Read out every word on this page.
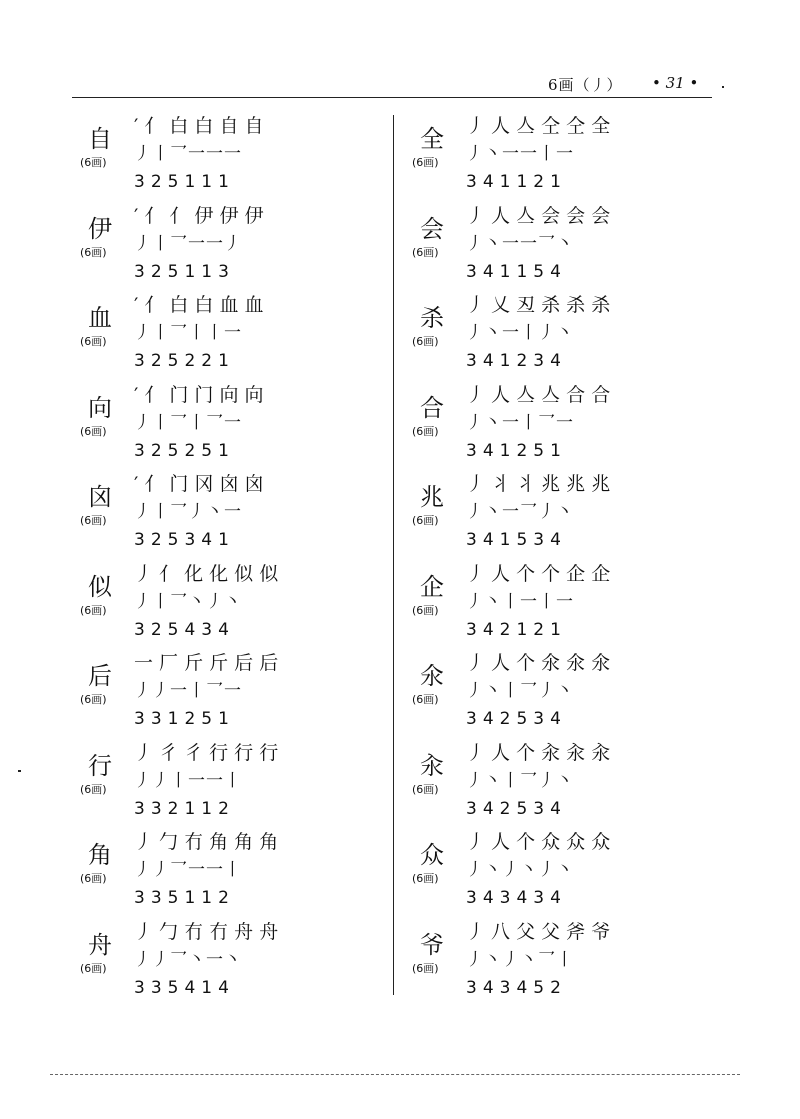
6画（丿） • 31 •
自
(6画)
′ 亻 白 白 自 自
丿丨乛一一一
325111
伊
(6画)
′ 亻 亻 伊 伊 伊
丿丨乛一一丿
325113
血
(6画)
′ 亻 白 白 血 血
丿丨乛丨丨一
325221
向
(6画)
′ 亻 门 门 向 向
丿丨乛丨乛一
325251
囟
(6画)
′ 亻 门 冈 囟 囟
丿丨乛丿丶一
325341
似
(6画)
丿 亻 化 化 似 似
丿丨乛丶丿丶
325434
后
(6画)
一 厂 斤 斤 后 后
丿丿一丨乛一
331251
行
(6画)
丿 彳 彳 行 行 行
丿丿丨一一丨
332112
角
(6画)
丿 勹 冇 角 角 角
丿丿乛一一丨
335112
舟
(6画)
丿 勹 冇 冇 舟 舟
丿丿乛丶一丶
335414
全
(6画)
丿 人 亼 仝 仝 全
丿丶一一丨一
341121
会
(6画)
丿 人 亼 会 会 会
丿丶一一乛丶
341154
杀
(6画)
丿 乂 丒 杀 杀 杀
丿丶一丨丿丶
341234
合
(6画)
丿 人 亼 亼 合 合
丿丶一丨乛一
341251
兆
(6画)
丿 丬 丬 兆 兆 兆
丿丶一乛丿丶
341534
企
(6画)
丿 人 个 个 企 企
丿丶丨一丨一
342121
氽
(6画)
丿 人 个 氽 氽 氽
丿丶丨乛丿丶
342534
汆
(6画)
丿 人 个 汆 汆 汆
丿丶丨乛丿丶
342534
众
(6画)
丿 人 个 众 众 众
丿丶丿丶丿丶
343434
爷
(6画)
丿 八 父 父 斧 爷
丿丶丿丶乛丨
343452
